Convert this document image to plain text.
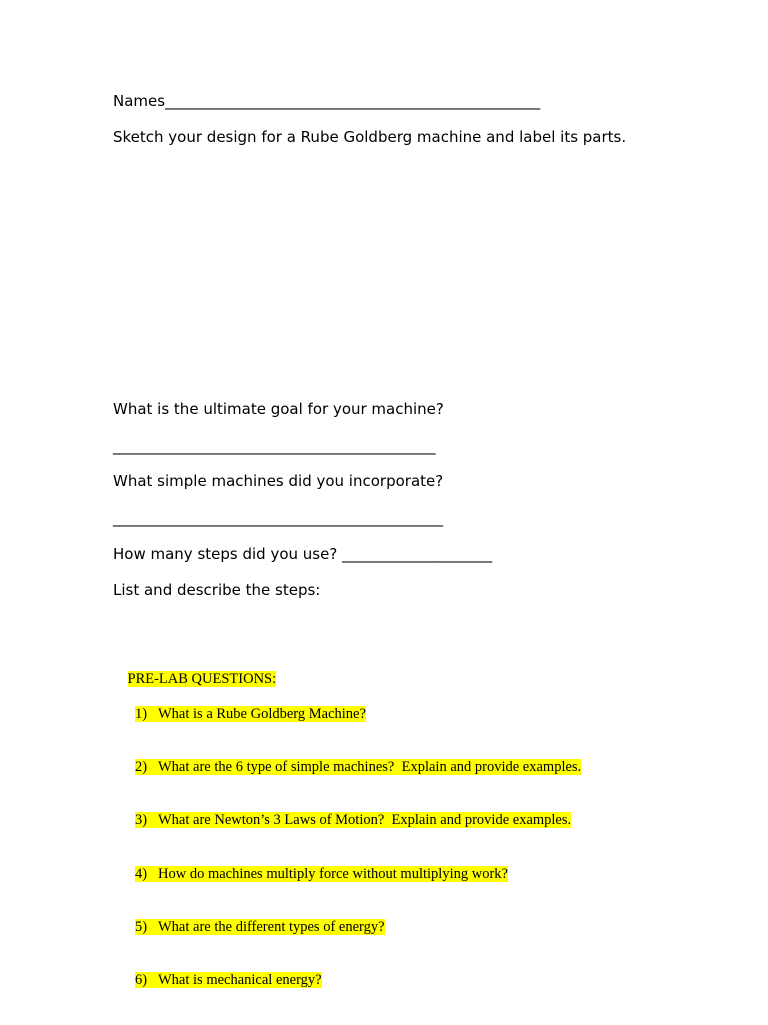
Names__________________________________________________
Sketch your design for a Rube Goldberg machine and label its parts.
What is the ultimate goal for your machine?
___________________________________________
What simple machines did you incorporate?
____________________________________________
How many steps did you use? ____________________
List and describe the steps:

PRE-LAB QUESTIONS:

1) What is a Rube Goldberg Machine?

2) What are the 6 type of simple machines?  Explain and provide examples.

3) What are Newton’s 3 Laws of Motion?  Explain and provide examples.

4) How do machines multiply force without multiplying work?

5) What are the different types of energy?

6) What is mechanical energy?
